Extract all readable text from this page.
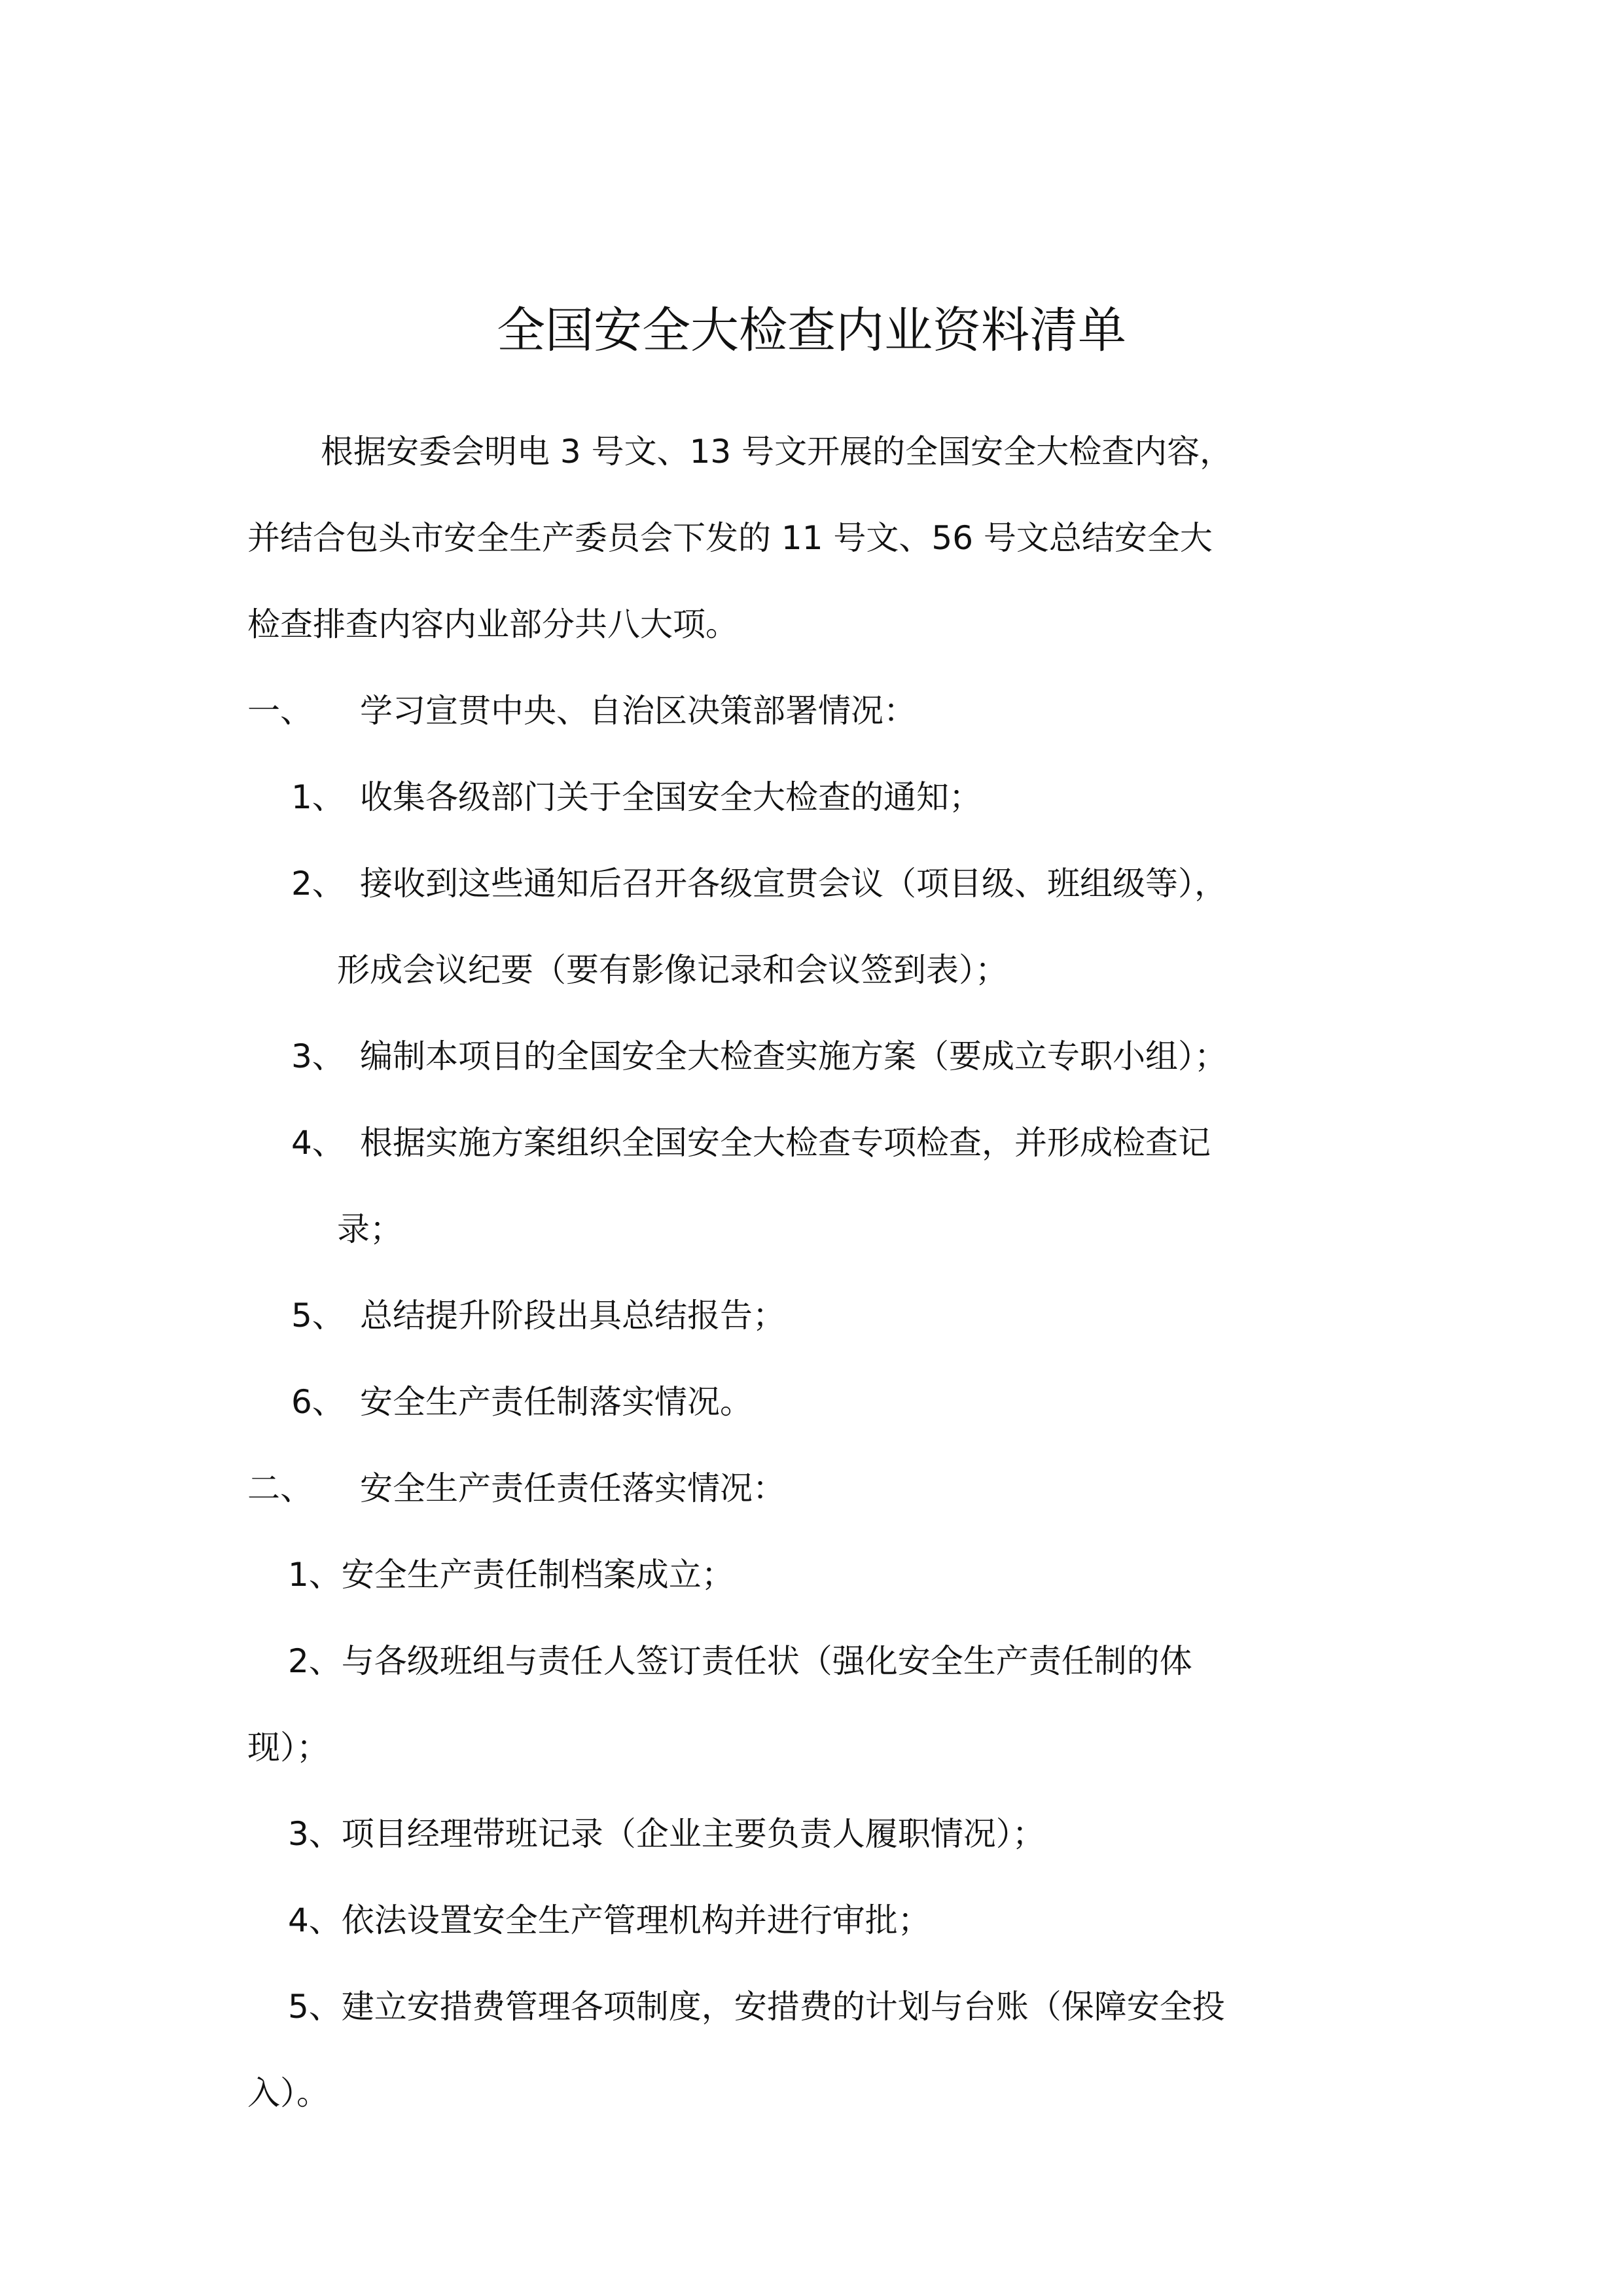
全国安全大检查内业资料清单
根据安委会明电 3 号文、13 号文开展的全国安全大检查内容，
并结合包头市安全生产委员会下发的 11 号文、56 号文总结安全大
检查排查内容内业部分共八大项。
一、 学习宣贯中央、自治区决策部署情况：
1、 收集各级部门关于全国安全大检查的通知；
2、 接收到这些通知后召开各级宣贯会议（项目级、班组级等），
形成会议纪要（要有影像记录和会议签到表）；
3、 编制本项目的全国安全大检查实施方案（要成立专职小组）；
4、 根据实施方案组织全国安全大检查专项检查，并形成检查记
录；
5、 总结提升阶段出具总结报告；
6、 安全生产责任制落实情况。
二、 安全生产责任责任落实情况：
1、安全生产责任制档案成立；
2、与各级班组与责任人签订责任状（强化安全生产责任制的体
现）；
3、项目经理带班记录（企业主要负责人履职情况）；
4、依法设置安全生产管理机构并进行审批；
5、建立安措费管理各项制度，安措费的计划与台账（保障安全投
入）。
